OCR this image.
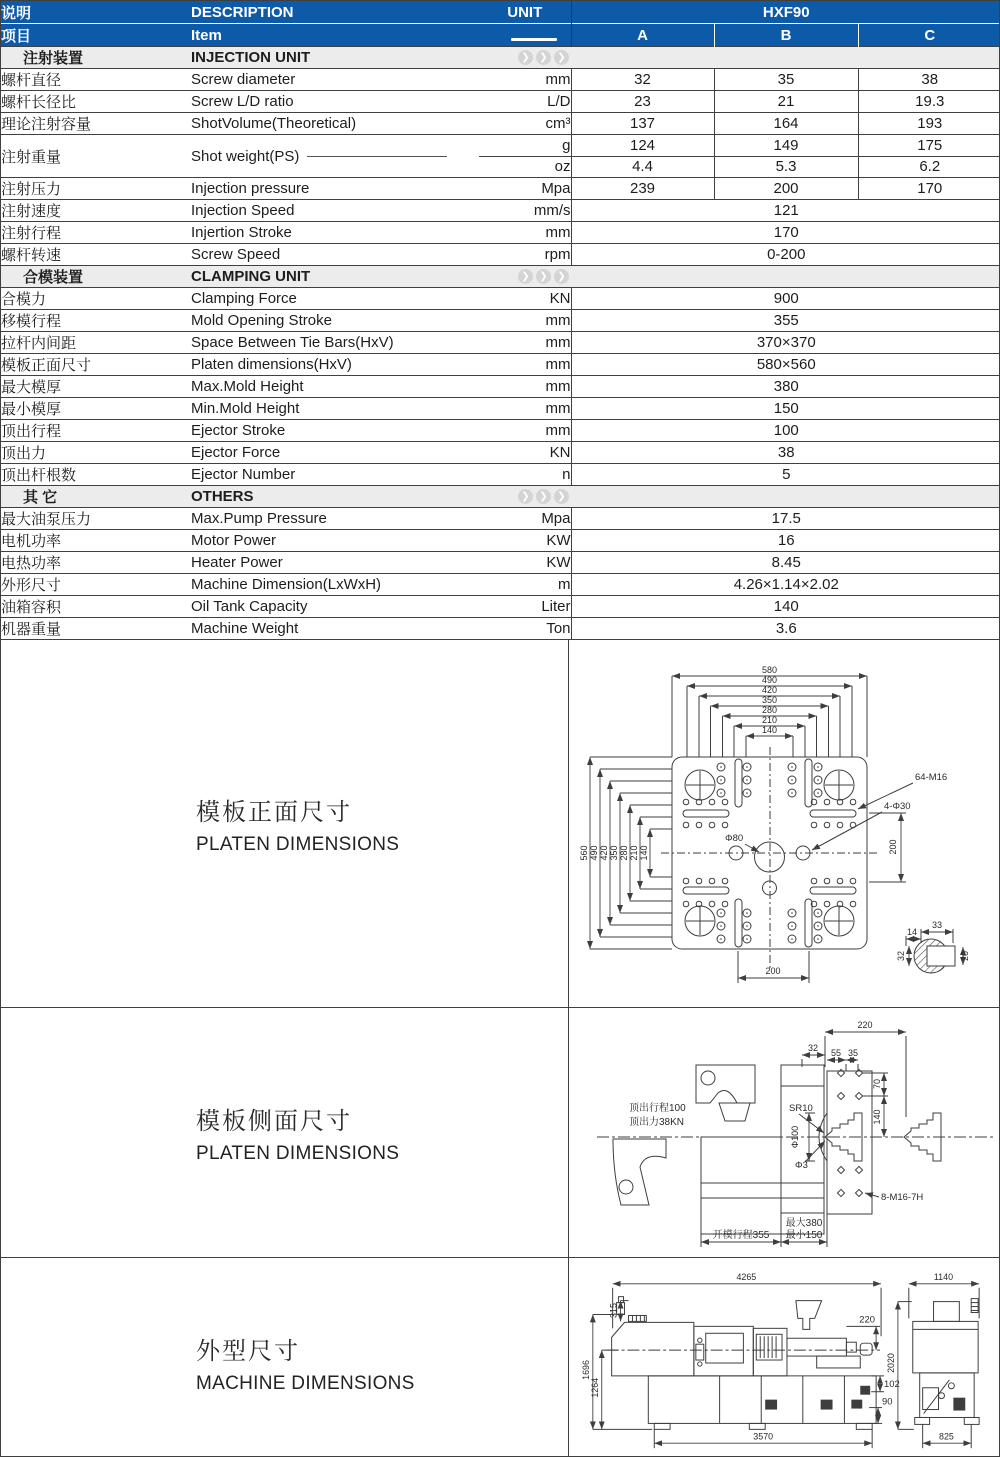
说明	DESCRIPTION	UNIT	HXF90		
项目	Item		A	B	C

注射装置 INJECTION UNIT ❯ ❯ ❯					

螺杆直径	Screw diameter	mm	32	35	38
螺杆长径比	Screw L/D ratio	L/D	23	21	19.3
理论注射容量	ShotVolume(Theoretical)	cm³	137	164	193
注射重量	Shot weight(PS)	g	124	149	175
		oz	4.4	5.3	6.2
注射压力	Injection pressure	Mpa	239	200	170
注射速度	Injection Speed	mm/s	121		
注射行程	Injertion Stroke	mm	170		
螺杆转速	Screw Speed	rpm	0-200		

合模装置 CLAMPING UNIT ❯ ❯ ❯					

合模力	Clamping Force	KN	900		
移模行程	Mold Opening Stroke	mm	355		
拉杆内间距	Space Between Tie Bars(HxV)	mm	370×370		
模板正面尺寸	Platen dimensions(HxV)	mm	580×560		
最大模厚	Max.Mold Height	mm	380		
最小模厚	Min.Mold Height	mm	150		
顶出行程	Ejector Stroke	mm	100		
顶出力	Ejector Force	KN	38		
顶出杆根数	Ejector Number	n	5		

其 它 OTHERS ❯ ❯ ❯					

最大油泵压力	Max.Pump Pressure	Mpa	17.5		
电机功率	Motor Power	KW	16		
电热功率	Heater Power	KW	8.45		
外形尺寸	Machine Dimension(LxWxH)	m	4.26×1.14×2.02		
油箱容积	Oil Tank Capacity	Liter	140		
机器重量	Machine Weight	Ton	3.6		
模板正面尺寸
PLATEN DIMENSIONS
580
490
420
350
280
210
140
560 490 420 350 280 210 140
64-M16
4-Φ30
Φ80
200
200
33
14
32	20
模板侧面尺寸
PLATEN DIMENSIONS
220
32 55 35
70
140
SR10
Φ100
Φ3
8-M16-7H
顶出行程100
顶出力38KN
开模行程355
最大380
最小150
外型尺寸
MACHINE DIMENSIONS
4265	1140
315
1696
1264
220
2020
102
90
3570	825
